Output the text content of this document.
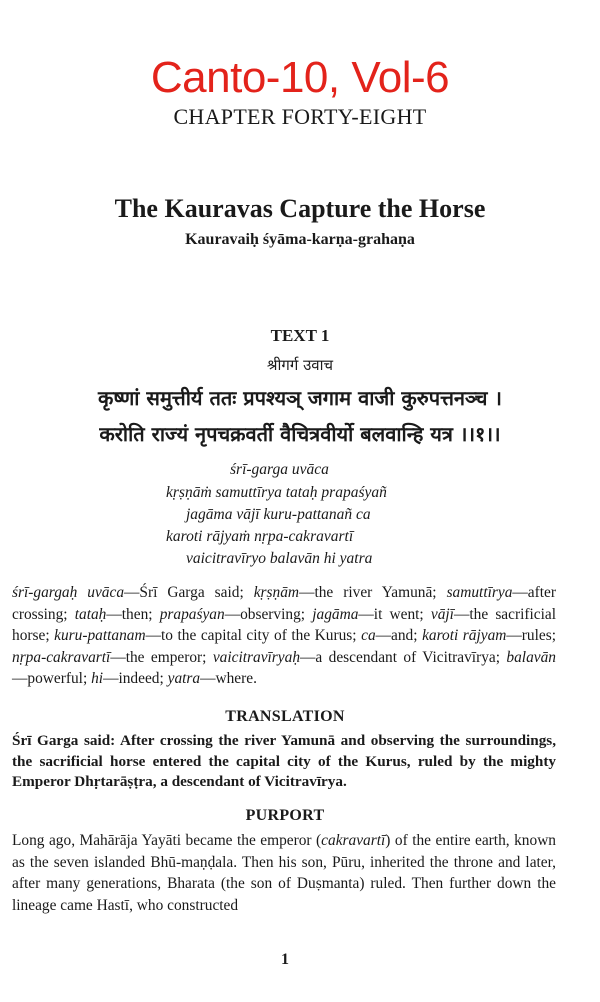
Canto-10, Vol-6
CHAPTER FORTY-EIGHT
The Kauravas Capture the Horse
Kauravaiḥ śyāma-karṇa-grahaṇa
TEXT 1
श्रीगर्ग उवाच
कृष्णां समुत्तीर्य ततः प्रपश्यञ् जगाम वाजी कुरुपत्तनञ्च ।
करोति राज्यं नृपचक्रवर्ती वैचित्रवीर्यो बलवान्हि यत्र ।।१।।
śrī-garga uvāca
kṛṣṇāṁ samuttīrya tataḥ prapaśyañ
jagāma vājī kuru-pattanañ ca
karoti rājyaṁ nṛpa-cakravartī
vaicitravīryo balavān hi yatra

śrī-gargaḥ uvāca—Śrī Garga said; kṛṣṇām—the river Yamunā; samuttīrya—after crossing; tataḥ—then; prapaśyan—observing; jagāma—it went; vājī—the sacrificial horse; kuru-pattanam—to the capital city of the Kurus; ca—and; karoti rājyam—rules; nṛpa-cakravartī—the emperor; vaicitravīryaḥ—a descendant of Vicitravīrya; balavān—powerful; hi—indeed; yatra—where.

TRANSLATION

Śrī Garga said: After crossing the river Yamunā and observing the surroundings, the sacrificial horse entered the capital city of the Kurus, ruled by the mighty Emperor Dhṛtarāṣṭra, a descendant of Vicitravīrya.

PURPORT

Long ago, Mahārāja Yayāti became the emperor (cakravartī) of the entire earth, known as the seven islanded Bhū-maṇḍala. Then his son, Pūru, inherited the throne and later, after many generations, Bharata (the son of Duṣmanta) ruled. Then further down the lineage came Hastī, who constructed

1
